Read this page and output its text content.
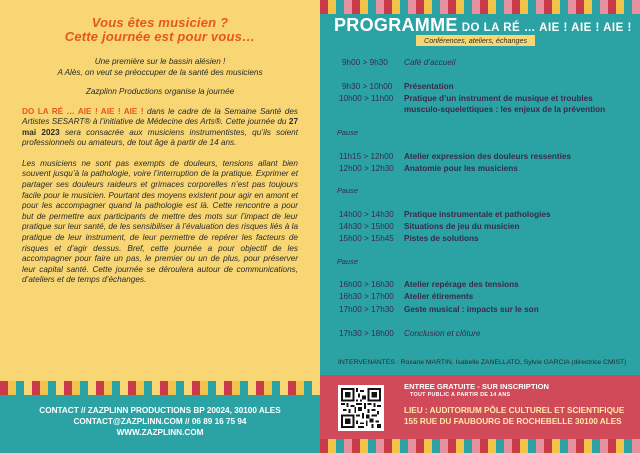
Vous êtes musicien ?
Cette journée est pour vous…

Une première sur le bassin alésien !

A Alès, on veut se préoccuper de la santé des musiciens

Zazplinn Productions organise la journée

DO LA RÉ … AIE ! AIE ! AIE ! dans le cadre de la Semaine Santé des Artistes SESART® à l’initiative de Médecine des Arts®. Cette journée du 27 mai 2023 sera consacrée aux musiciens instrumentistes, qu’ils soient professionnels ou amateurs, de tout âge à partir de 14 ans.
Les musiciens ne sont pas exempts de douleurs, tensions allant bien souvent jusqu’à la pathologie, voire l’interruption de la pratique. Exprimer et partager ses douleurs raideurs et grimaces corporelles n’est pas toujours facile pour le musicien. Pourtant des moyens existent pour agir en amont et pour les accompagner quand la pathologie est là. Cette rencontre a pour but de permettre aux participants de mettre des mots sur l’impact de leur pratique sur leur santé, de les sensibiliser à l’évaluation des risques liés à la pratique de leur instrument, de leur permettre de repérer les facteurs de risques et d’agir dessus. Bref, cette journée a pour objectif de les accompagner pour faire un pas, le premier ou un de plus, pour préserver leur capital santé. Cette journée se déroulera autour de communications, d’ateliers et de temps d’échanges.
CONTACT // ZAZPLINN PRODUCTIONS BP 20024, 30100 ALES
CONTACT@ZAZPLINN.COM // 06 89 16 75 94
WWW.ZAZPLINN.COM
PROGRAMME DO LA RÉ … AIE ! AIE ! AIE !
Conférences, ateliers, échanges
9h00 > 9h30	Café d’accueil
9h30 > 10h00	Présentation
10h00 > 11h00	Pratique d’un instrument de musique et troubles musculo-squelettiques : les enjeux de la prévention
Pause
11h15 > 12h00	Atelier expression des douleurs ressenties
12h00 > 12h30	Anatomie pour les musiciens
Pause
14h00 > 14h30	Pratique instrumentale et pathologies
14h30 > 15h00	Situations de jeu du musicien
15h00 > 15h45	Pistes de solutions
Pause
16h00 > 16h30	Atelier repérage des tensions
16h30 > 17h00	Atelier étirements
17h00 > 17h30	Geste musical : impacts sur le son
17h30 > 18h00	Conclusion et clôture
INTERVENANTES : Roxane MARTIN, Isabelle ZANELLATO, Sylvie GARCIA (directrice CMIST)
ENTREE GRATUITE - SUR INSCRIPTION
TOUT PUBLIC A PARTIR DE 14 ANS
LIEU : AUDITORIUM PÔLE CULTUREL ET SCIENTIFIQUE
155 RUE DU FAUBOURG DE ROCHEBELLE 30100 ALES
